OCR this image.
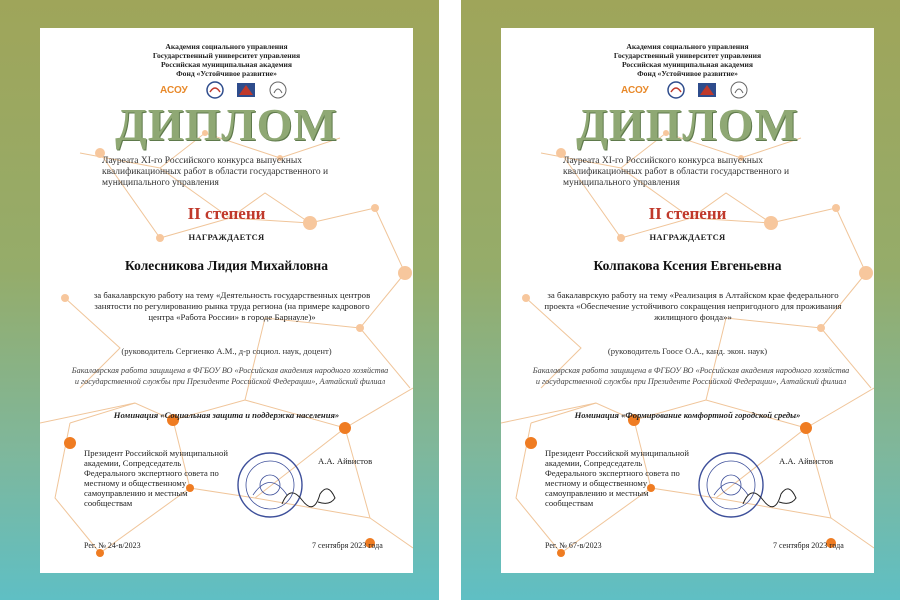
Академия социального управления
Государственный университет управления
Российская муниципальная академия
Фонд «Устойчивое развитие»
АСОУ
ДИПЛОМ
Лауреата XI-го Российского конкурса выпускных квалификационных работ в области государственного и муниципального управления
II степени
НАГРАЖДАЕТСЯ
Колесникова Лидия Михайловна
за бакалаврскую работу на тему «Деятельность государственных центров занятости по регулированию рынка труда региона (на примере кадрового центра «Работа России» в городе Барнауле)»
(руководитель Сергиенко А.М., д-р социол. наук, доцент)
Бакалаврская работа защищена в ФГБОУ ВО «Российская академия народного хозяйства и государственной службы при Президенте Российской Федерации», Алтайский филиал
Номинация «Социальная защита и поддержка населения»
Президент Российской муниципальной академии, Сопредседатель Федерального экспертного совета по местному и общественному самоуправлению и местным сообществам
А.А. Айвистов
Рег. № 24-в/2023	7 сентября 2023 года
Академия социального управления
Государственный университет управления
Российская муниципальная академия
Фонд «Устойчивое развитие»
АСОУ
ДИПЛОМ
Лауреата XI-го Российского конкурса выпускных квалификационных работ в области государственного и муниципального управления
II степени
НАГРАЖДАЕТСЯ
Колпакова Ксения Евгеньевна
за бакалаврскую работу на тему «Реализация в Алтайском крае федерального проекта «Обеспечение устойчивого сокращения непригодного для проживания жилищного фонда»»
(руководитель Гоосе О.А., канд. экон. наук)
Бакалаврская работа защищена в ФГБОУ ВО «Российская академия народного хозяйства и государственной службы при Президенте Российской Федерации», Алтайский филиал
Номинация «Формирование комфортной городской среды»
Президент Российской муниципальной академии, Сопредседатель Федерального экспертного совета по местному и общественному самоуправлению и местным сообществам
А.А. Айвистов
Рег. № 67-в/2023	7 сентября 2023 года
